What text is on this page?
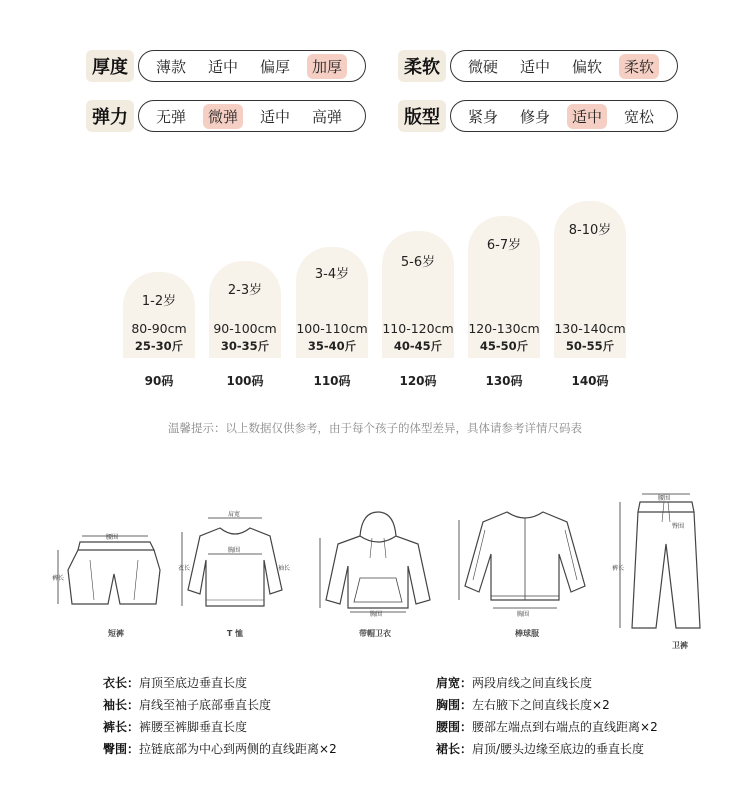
厚度	薄款	适中	偏厚	加厚	柔软	微硬	适中	偏软	柔软
弹力	无弹	微弹	适中	高弹	版型	紧身	修身	适中	宽松
1-2岁
80-90cm
25-30斤
2-3岁
90-100cm
30-35斤
3-4岁
100-110cm
35-40斤
5-6岁
110-120cm
40-45斤
6-7岁
120-130cm
45-50斤
8-10岁
130-140cm
50-55斤
90码	100码	110码	120码	130码	140码
温馨提示：以上数据仅供参考，由于每个孩子的体型差异，具体请参考详情尺码表
腰围
裤长
短裤
肩宽
胸围
衣长	袖长
T 恤
胸围
带帽卫衣
胸围
棒球服
腰围
裤长
臀围
卫裤
衣长：肩顶至底边垂直长度
袖长：肩线至袖子底部垂直长度
裤长：裤腰至裤脚垂直长度
臀围：拉链底部为中心到两侧的直线距离×2
肩宽：两段肩线之间直线长度
胸围：左右腋下之间直线长度×2
腰围：腰部左端点到右端点的直线距离×2
裙长：肩顶/腰头边缘至底边的垂直长度
